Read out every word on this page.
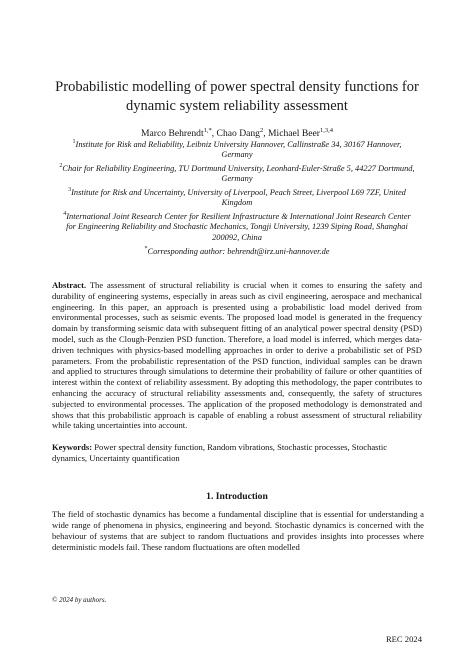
Probabilistic modelling of power spectral density functions for dynamic system reliability assessment
Marco Behrendt$^{1,*}$, Chao Dang$^2$, Michael Beer$^{1,3,4}$

$^1$Institute for Risk and Reliability, Leibniz University Hannover, Callinstraße 34, 30167 Hannover, Germany

$^2$Chair for Reliability Engineering, TU Dortmund University, Leonhard-Euler-Straße 5, 44227 Dortmund, Germany

$^3$Institute for Risk and Uncertainty, University of Liverpool, Peach Street, Liverpool L69 7ZF, United Kingdom

$^4$International Joint Research Center for Resilient Infrastructure & International Joint Research Center for Engineering Reliability and Stochastic Mechanics, Tongji University, 1239 Siping Road, Shanghai 200092, China

*Corresponding author: behrendt@irz.uni-hannover.de

Abstract. The assessment of structural reliability is crucial when it comes to ensuring the safety and durability of engineering systems, especially in areas such as civil engineering, aerospace and mechanical engineering. In this paper, an approach is presented using a probabilistic load model derived from environmental processes, such as seismic events. The proposed load model is generated in the frequency domain by transforming seismic data with subsequent fitting of an analytical power spectral density (PSD) model, such as the Clough-Penzien PSD function. Therefore, a load model is inferred, which merges data-driven techniques with physics-based modelling approaches in order to derive a probabilistic set of PSD parameters. From the probabilistic representation of the PSD function, individual samples can be drawn and applied to structures through simulations to determine their probability of failure or other quantities of interest within the context of reliability assessment. By adopting this methodology, the paper contributes to enhancing the accuracy of structural reliability assessments and, consequently, the safety of structures subjected to environmental processes. The application of the proposed methodology is demonstrated and shows that this probabilistic approach is capable of enabling a robust assessment of structural reliability while taking uncertainties into account.
Keywords: Power spectral density function, Random vibrations, Stochastic processes, Stochastic dynamics, Uncertainty quantification
1. Introduction
The field of stochastic dynamics has become a fundamental discipline that is essential for understanding a wide range of phenomena in physics, engineering and beyond. Stochastic dynamics is concerned with the behaviour of systems that are subject to random fluctuations and provides insights into processes where deterministic models fail. These random fluctuations are often modelled
© 2024 by authors.
REC 2024
